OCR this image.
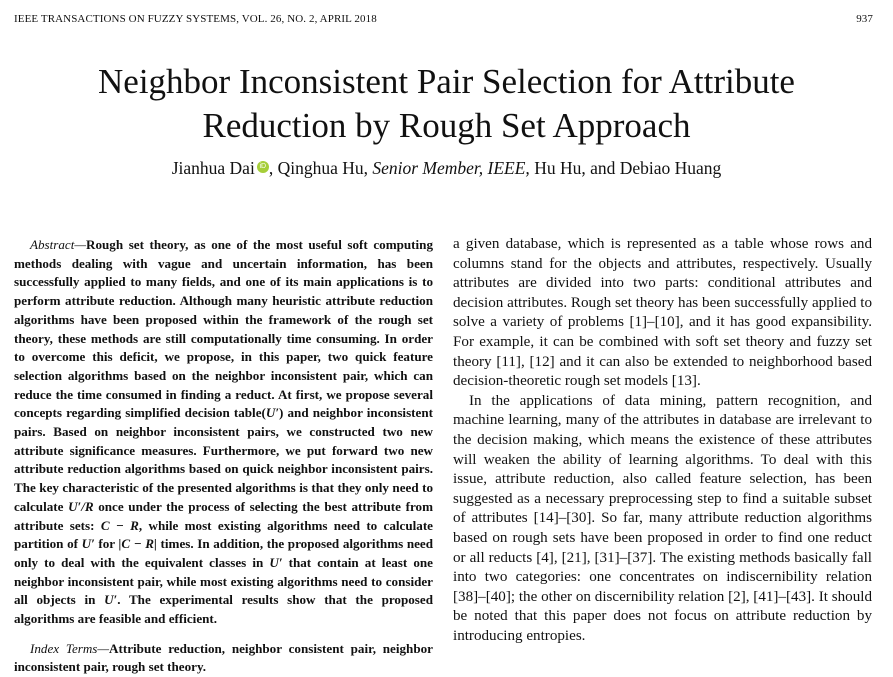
IEEE TRANSACTIONS ON FUZZY SYSTEMS, VOL. 26, NO. 2, APRIL 2018	937
Neighbor Inconsistent Pair Selection for Attribute
Reduction by Rough Set Approach
Jianhua Dai iD , Qinghua Hu, Senior Member, IEEE, Hu Hu, and Debiao Huang

Abstract—Rough set theory, as one of the most useful soft computing methods dealing with vague and uncertain information, has been successfully applied to many fields, and one of its main applications is to perform attribute reduction. Although many heuristic attribute reduction algorithms have been proposed within the framework of the rough set theory, these methods are still computationally time consuming. In order to overcome this deficit, we propose, in this paper, two quick feature selection algorithms based on the neighbor inconsistent pair, which can reduce the time consumed in finding a reduct. At first, we propose several concepts regarding simplified decision table(U′) and neighbor inconsistent pairs. Based on neighbor inconsistent pairs, we constructed two new attribute significance measures. Furthermore, we put forward two new attribute reduction algorithms based on quick neighbor inconsistent pairs. The key characteristic of the presented algorithms is that they only need to calculate U′/R once under the process of selecting the best attribute from attribute sets: C − R, while most existing algorithms need to calculate partition of U′ for |C − R| times. In addition, the proposed algorithms need only to deal with the equivalent classes in U′ that contain at least one neighbor inconsistent pair, while most existing algorithms need to consider all objects in U′. The experimental results show that the proposed algorithms are feasible and efficient.

Index Terms—Attribute reduction, neighbor consistent pair, neighbor inconsistent pair, rough set theory.

a given database, which is represented as a table whose rows and columns stand for the objects and attributes, respectively. Usually attributes are divided into two parts: conditional attributes and decision attributes. Rough set theory has been successfully applied to solve a variety of problems [1]–[10], and it has good expansibility. For example, it can be combined with soft set theory and fuzzy set theory [11], [12] and it can also be extended to neighborhood based decision-theoretic rough set models [13].

In the applications of data mining, pattern recognition, and machine learning, many of the attributes in database are irrelevant to the decision making, which means the existence of these attributes will weaken the ability of learning algorithms. To deal with this issue, attribute reduction, also called feature selection, has been suggested as a necessary preprocessing step to find a suitable subset of attributes [14]–[30]. So far, many attribute reduction algorithms based on rough sets have been proposed in order to find one reduct or all reducts [4], [21], [31]–[37]. The existing methods basically fall into two categories: one concentrates on indiscernibility relation [38]–[40]; the other on discernibility relation [2], [41]–[43]. It should be noted that this paper does not focus on attribute reduction by introducing entropies.
